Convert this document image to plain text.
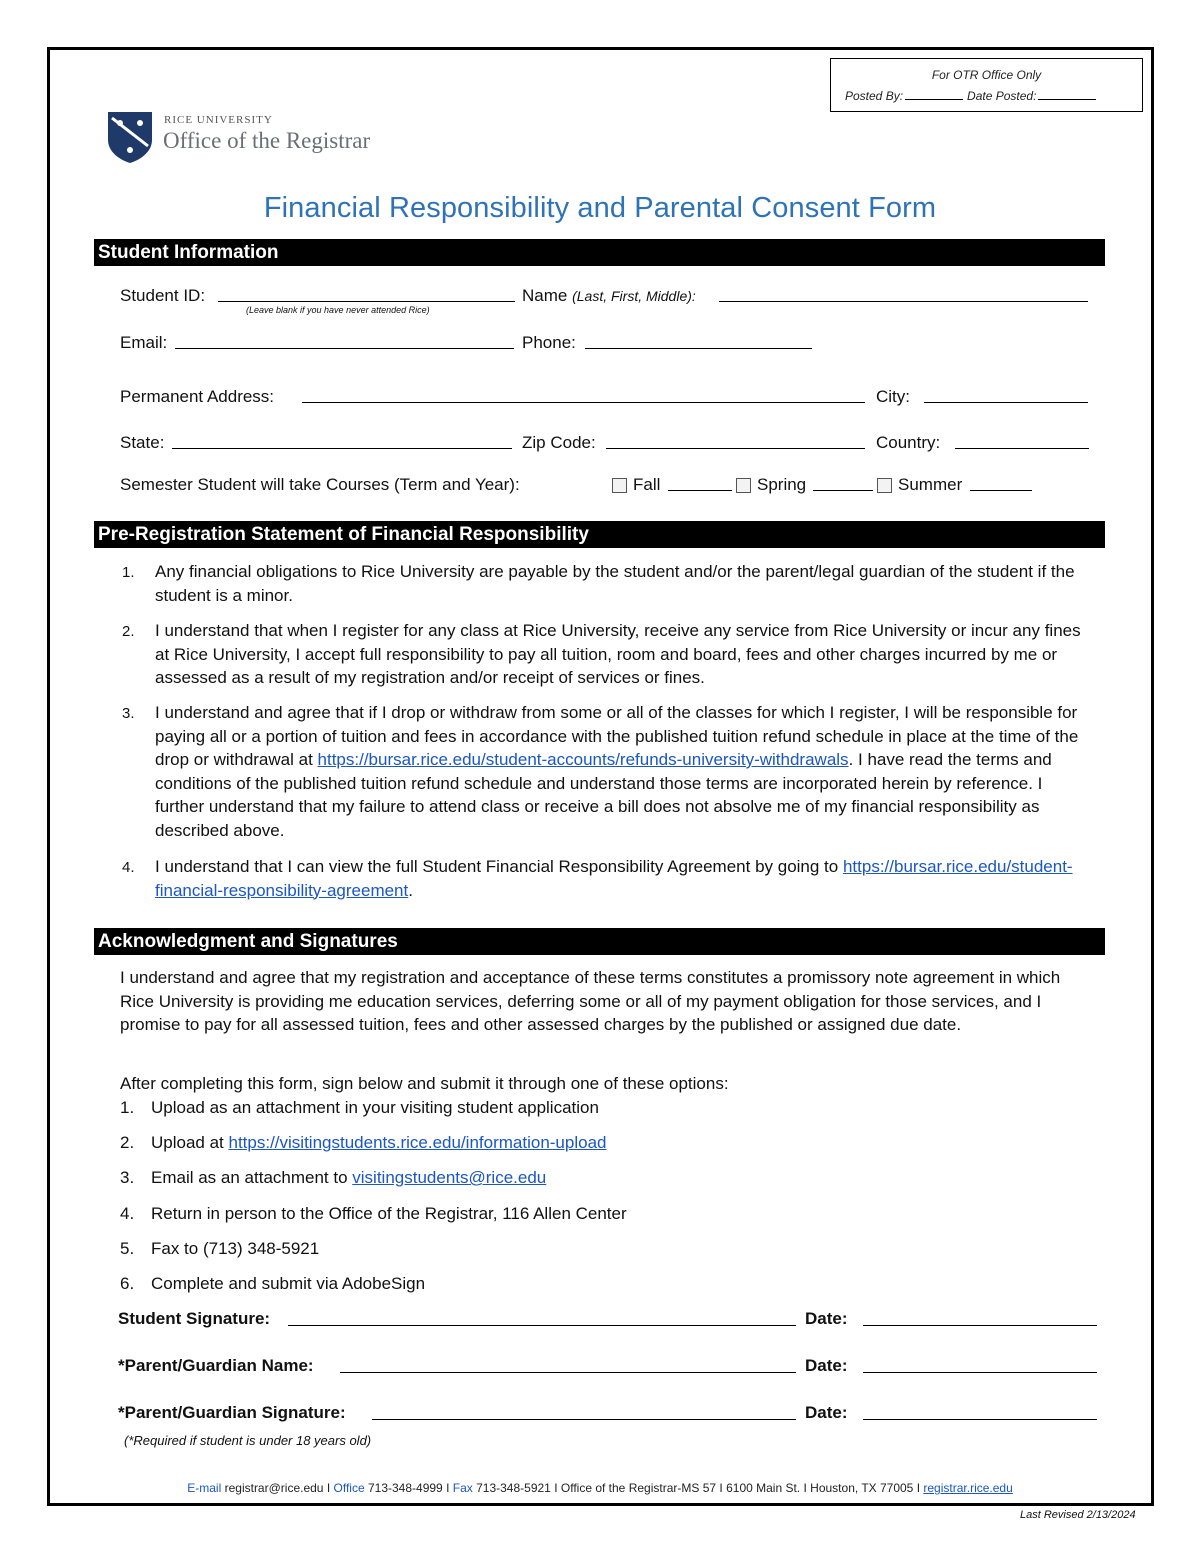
For OTR Office Only
Posted By:	Date Posted:
RICE UNIVERSITY
Office of the Registrar
Financial Responsibility and Parental Consent Form
Student Information
Student ID:
(Leave blank if you have never attended Rice)
Name (Last, First, Middle):
Email:	Phone:
Permanent Address:	City:
State:	Zip Code:	Country:
Semester Student will take Courses (Term and Year):	Fall	Spring	Summer
Pre-Registration Statement of Financial Responsibility
1. Any financial obligations to Rice University are payable by the student and/or the parent/legal guardian of the student if the student is a minor.
2. I understand that when I register for any class at Rice University, receive any service from Rice University or incur any fines at Rice University, I accept full responsibility to pay all tuition, room and board, fees and other charges incurred by me or assessed as a result of my registration and/or receipt of services or fines.
3. I understand and agree that if I drop or withdraw from some or all of the classes for which I register, I will be responsible for paying all or a portion of tuition and fees in accordance with the published tuition refund schedule in place at the time of the drop or withdrawal at https://bursar.rice.edu/student-accounts/refunds-university-withdrawals. I have read the terms and conditions of the published tuition refund schedule and understand those terms are incorporated herein by reference. I further understand that my failure to attend class or receive a bill does not absolve me of my financial responsibility as described above.
4. I understand that I can view the full Student Financial Responsibility Agreement by going to https://bursar.rice.edu/student-financial-responsibility-agreement.
Acknowledgment and Signatures
I understand and agree that my registration and acceptance of these terms constitutes a promissory note agreement in which Rice University is providing me education services, deferring some or all of my payment obligation for those services, and I promise to pay for all assessed tuition, fees and other assessed charges by the published or assigned due date.
After completing this form, sign below and submit it through one of these options:
1. Upload as an attachment in your visiting student application
2. Upload at https://visitingstudents.rice.edu/information-upload
3. Email as an attachment to visitingstudents@rice.edu
4. Return in person to the Office of the Registrar, 116 Allen Center
5. Fax to (713) 348-5921
6. Complete and submit via AdobeSign
Student Signature:	Date:
*Parent/Guardian Name:	Date:
*Parent/Guardian Signature:	Date:
(*Required if student is under 18 years old)
E-mail registrar@rice.edu I Office 713-348-4999 I Fax 713-348-5921 I Office of the Registrar-MS 57 I 6100 Main St. I Houston, TX 77005 I registrar.rice.edu
Last Revised 2/13/2024
